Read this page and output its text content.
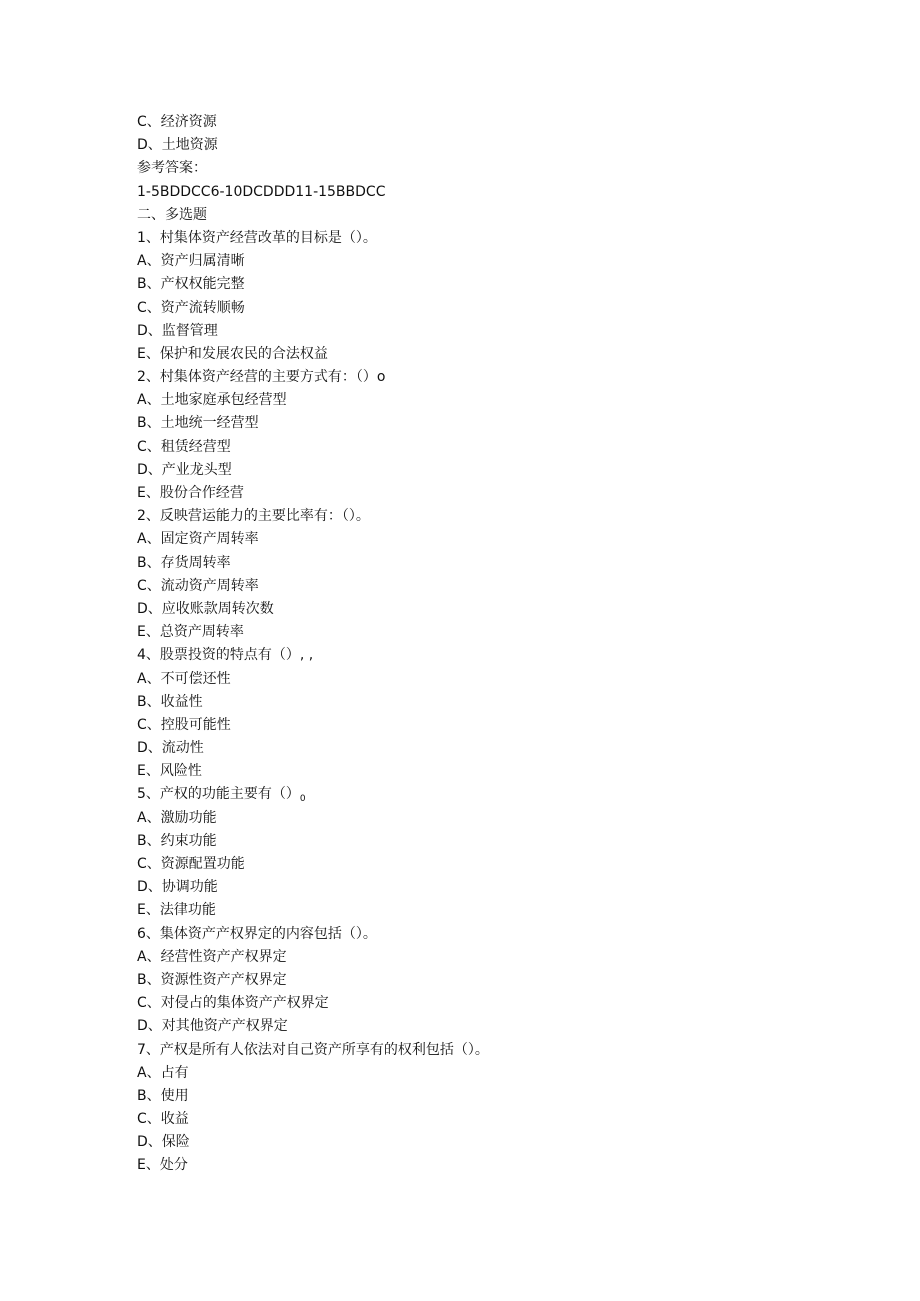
C、经济资源
D、土地资源
参考答案：
1-5BDDCC6-10DCDDD11-15BBDCC
二、多选题
1、村集体资产经营改革的目标是（）。
A、资产归属清晰
B、产权权能完整
C、资产流转顺畅
D、监督管理
E、保护和发展农民的合法权益
2、村集体资产经营的主要方式有：（）o
A、土地家庭承包经营型
B、土地统一经营型
C、租赁经营型
D、产业龙头型
E、股份合作经营
2、反映营运能力的主要比率有：（）。
A、固定资产周转率
B、存货周转率
C、流动资产周转率
D、应收账款周转次数
E、总资产周转率
4、股票投资的特点有（）, ,
A、不可偿还性
B、收益性
C、控股可能性
D、流动性
E、风险性
5、产权的功能主要有$()_0$
A、激励功能
B、约束功能
C、资源配置功能
D、协调功能
E、法律功能
6、集体资产产权界定的内容包括（）。
A、经营性资产产权界定
B、资源性资产产权界定
C、对侵占的集体资产产权界定
D、对其他资产产权界定
7、产权是所有人依法对自己资产所享有的权利包括（）。
A、占有
B、使用
C、收益
D、保险
E、处分
